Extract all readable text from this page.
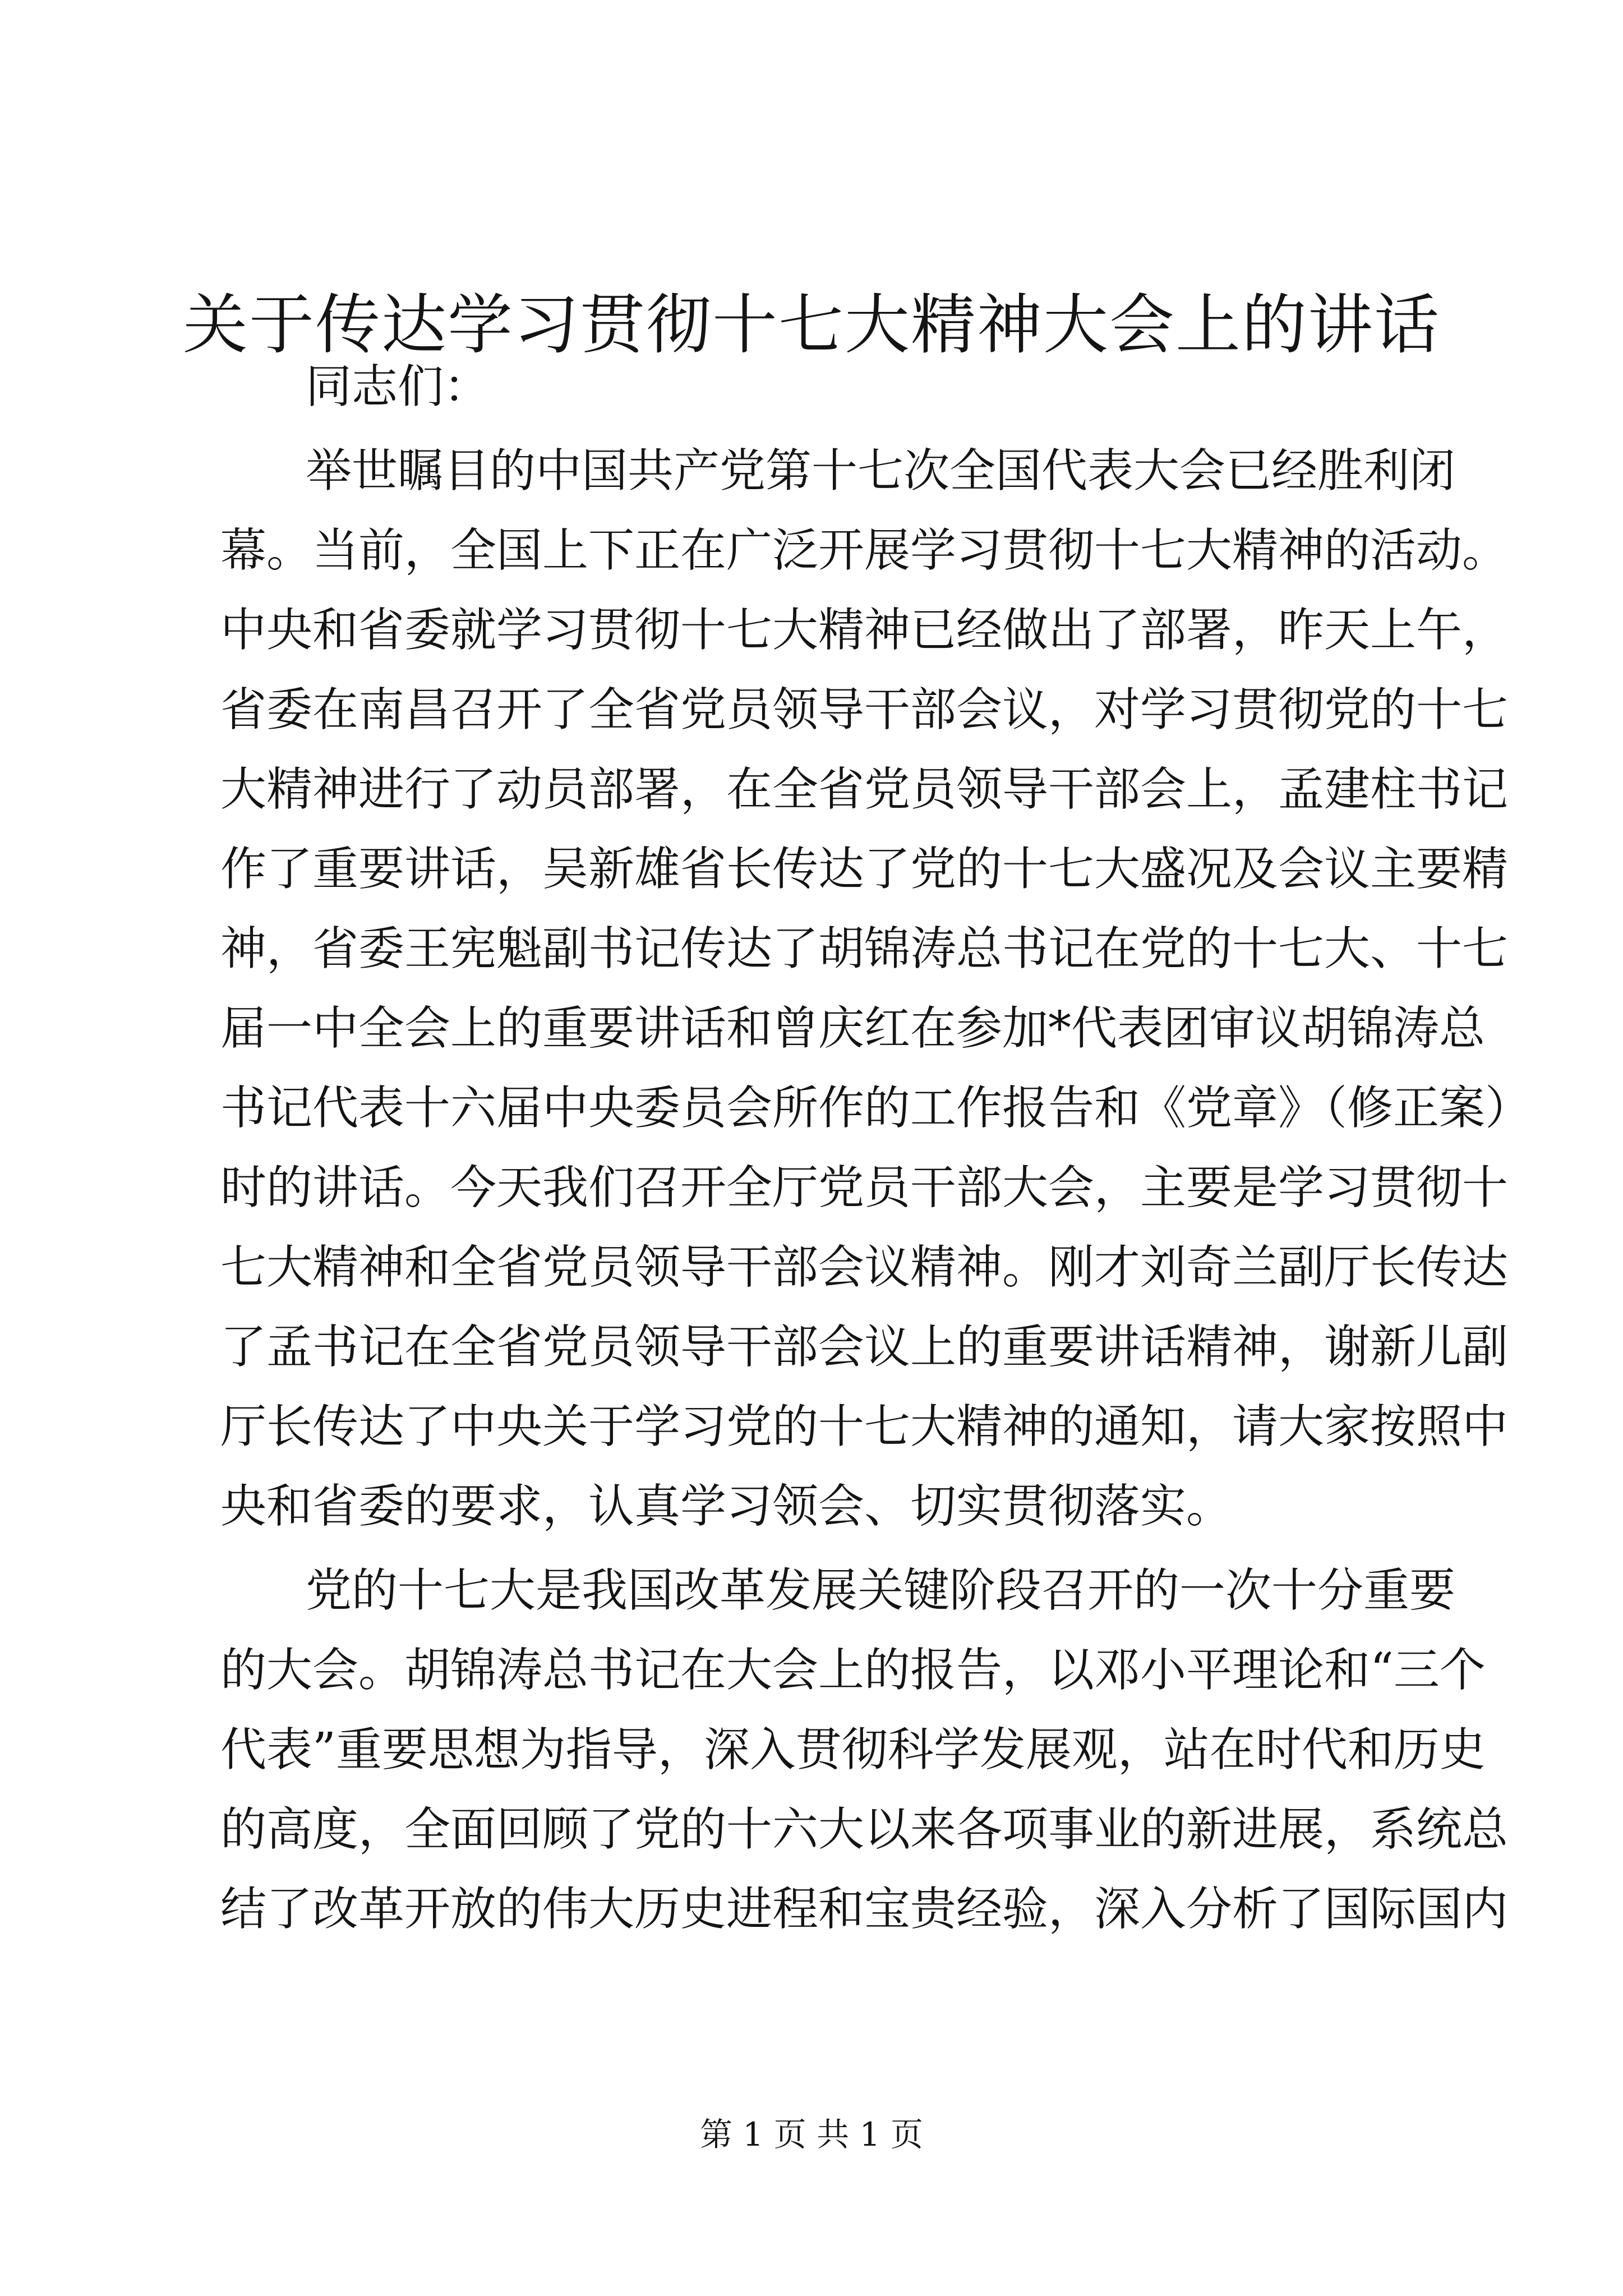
关于传达学习贯彻十七大精神大会上的讲话

同志们：

举世瞩目的中国共产党第十七次全国代表大会已经胜利闭

幕。当前，全国上下正在广泛开展学习贯彻十七大精神的活动。

中央和省委就学习贯彻十七大精神已经做出了部署，昨天上午，

省委在南昌召开了全省党员领导干部会议，对学习贯彻党的十七

大精神进行了动员部署，在全省党员领导干部会上，孟建柱书记

作了重要讲话，吴新雄省长传达了党的十七大盛况及会议主要精

神，省委王宪魁副书记传达了胡锦涛总书记在党的十七大、十七

届一中全会上的重要讲话和曾庆红在参加*代表团审议胡锦涛总

书记代表十六届中央委员会所作的工作报告和《党章》（修正案）

时的讲话。今天我们召开全厅党员干部大会，主要是学习贯彻十

七大精神和全省党员领导干部会议精神。刚才刘奇兰副厅长传达

了孟书记在全省党员领导干部会议上的重要讲话精神，谢新儿副

厅长传达了中央关于学习党的十七大精神的通知，请大家按照中

央和省委的要求，认真学习领会、切实贯彻落实。

党的十七大是我国改革发展关键阶段召开的一次十分重要

的大会。胡锦涛总书记在大会上的报告，以邓小平理论和“三个

代表”重要思想为指导，深入贯彻科学发展观，站在时代和历史

的高度，全面回顾了党的十六大以来各项事业的新进展，系统总

结了改革开放的伟大历史进程和宝贵经验，深入分析了国际国内

第 1 页 共 1 页
